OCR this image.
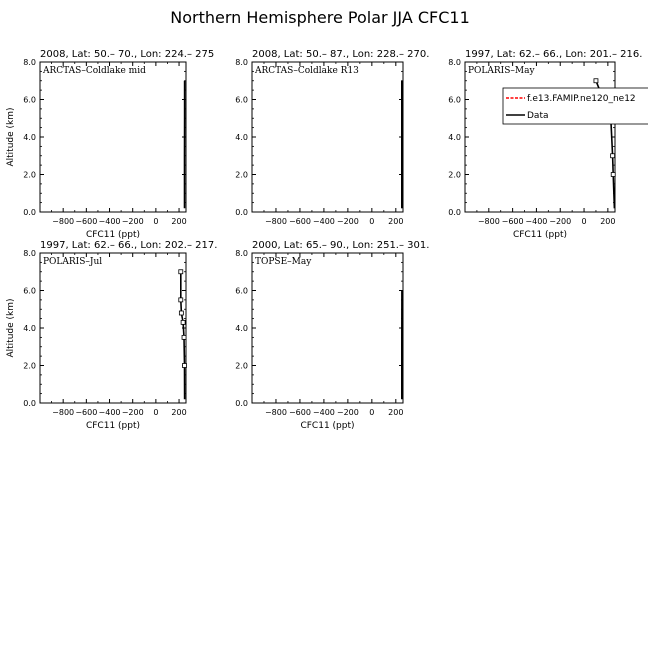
Northern Hemisphere Polar JJA CFC11
2008, Lat: 50.– 70., Lon: 224.– 275
ARCTAS–Coldlake mid
0.0
2.0
4.0
6.0
8.0
−800 −600 −400 −200 0 200
CFC11 (ppt)
Altitude (km)
2008, Lat: 50.– 87., Lon: 228.– 270.
ARCTAS–Coldlake R13
0.0
2.0
4.0
6.0
8.0
−800 −600 −400 −200 0 200
1997, Lat: 62.– 66., Lon: 201.– 216.
POLARIS–May
0.0
2.0
4.0
6.0
8.0
−800 −600 −400 −200 0 200
CFC11 (ppt)
f.e13.FAMIP.ne120_ne12
Data
1997, Lat: 62.– 66., Lon: 202.– 217.
POLARIS–Jul
0.0
2.0
4.0
6.0
8.0
−800 −600 −400 −200 0 200
CFC11 (ppt)
Altitude (km)
2000, Lat: 65.– 90., Lon: 251.– 301.
TOPSE–May
0.0
2.0
4.0
6.0
8.0
−800 −600 −400 −200 0 200
CFC11 (ppt)
